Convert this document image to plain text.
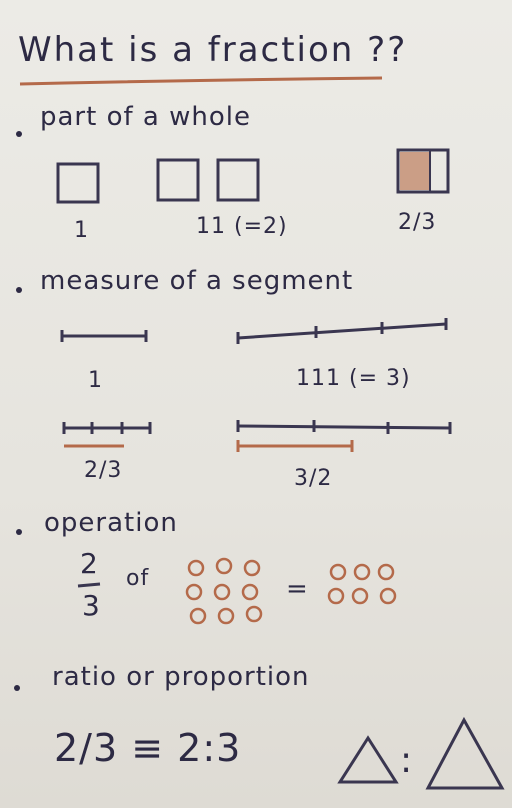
What is a fraction ??
part of a whole
1	11 (=2)	2/3
measure of a segment
1	111 (= 3)
2/3	3/2
operation
2
3
of	=
ratio or proportion
2/3 ≡ 2:3	:
